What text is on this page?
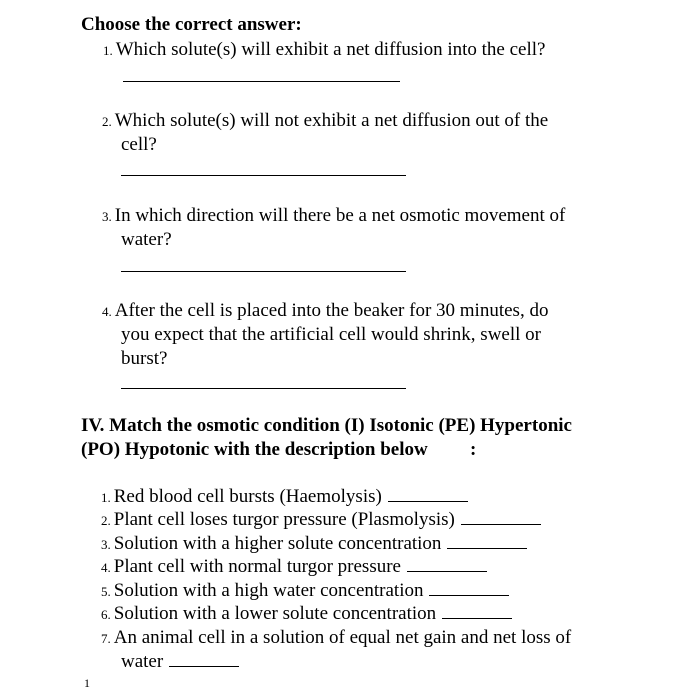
Choose the correct answer:
1. Which solute(s) will exhibit a net diffusion into the cell?
2. Which solute(s) will not exhibit a net diffusion out of the
cell?
3. In which direction will there be a net osmotic movement of
water?
4. After the cell is placed into the beaker for 30 minutes, do
you expect that the artificial cell would shrink, swell or
burst?
IV. Match the osmotic condition (I) Isotonic (PE) Hypertonic
(PO) Hypotonic with the description below :
1. Red blood cell bursts (Haemolysis)
2. Plant cell loses turgor pressure (Plasmolysis)
3. Solution with a higher solute concentration
4. Plant cell with normal turgor pressure
5. Solution with a high water concentration
6. Solution with a lower solute concentration
7. An animal cell in a solution of equal net gain and net loss of
water
1
